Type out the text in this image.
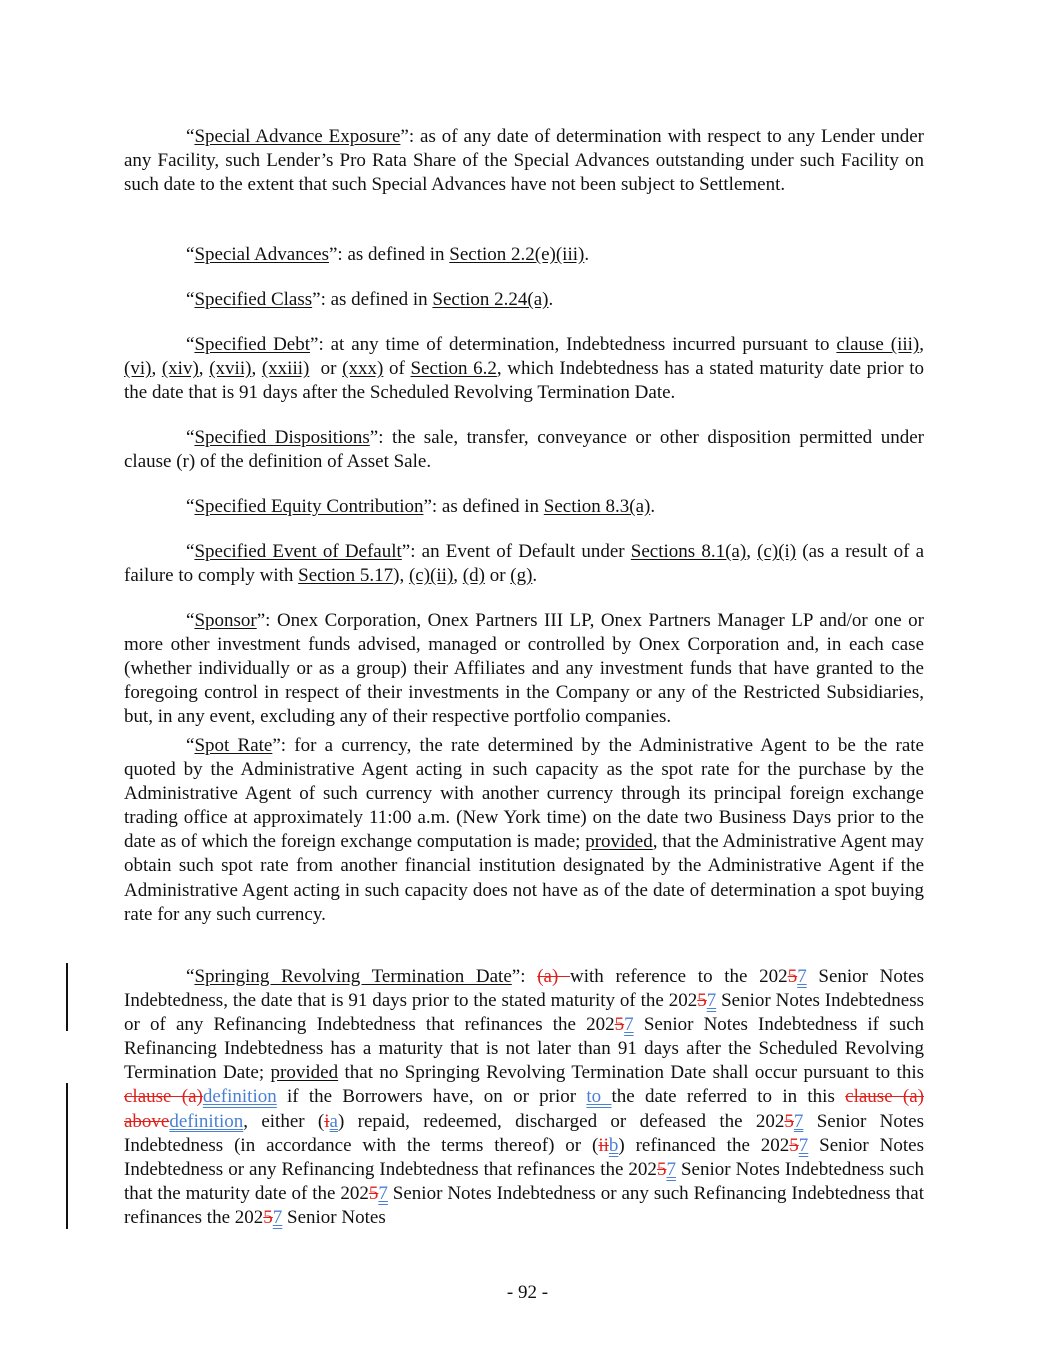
“Special Advance Exposure”: as of any date of determination with respect to any Lender under any Facility, such Lender’s Pro Rata Share of the Special Advances outstanding under such Facility on such date to the extent that such Special Advances have not been subject to Settlement.

“Special Advances”: as defined in Section 2.2(e)(iii).

“Specified Class”: as defined in Section 2.24(a).

“Specified Debt”: at any time of determination, Indebtedness incurred pursuant to clause (iii), (vi), (xiv), (xvii), (xxiii)  or (xxx) of Section 6.2, which Indebtedness has a stated maturity date prior to the date that is 91 days after the Scheduled Revolving Termination Date.

“Specified Dispositions”: the sale, transfer, conveyance or other disposition permitted under clause (r) of the definition of Asset Sale.

“Specified Equity Contribution”: as defined in Section 8.3(a).

“Specified Event of Default”: an Event of Default under Sections 8.1(a), (c)(i) (as a result of a failure to comply with Section 5.17), (c)(ii), (d) or (g).

“Sponsor”: Onex Corporation, Onex Partners III LP, Onex Partners Manager LP and/or one or more other investment funds advised, managed or controlled by Onex Corporation and, in each case (whether individually or as a group) their Affiliates and any investment funds that have granted to the foregoing control in respect of their investments in the Company or any of the Restricted Subsidiaries, but, in any event, excluding any of their respective portfolio companies.

“Spot Rate”: for a currency, the rate determined by the Administrative Agent to be the rate quoted by the Administrative Agent acting in such capacity as the spot rate for the purchase by the Administrative Agent of such currency with another currency through its principal foreign exchange trading office at approximately 11:00 a.m. (New York time) on the date two Business Days prior to the date as of which the foreign exchange computation is made; provided, that the Administrative Agent may obtain such spot rate from another financial institution designated by the Administrative Agent if the Administrative Agent acting in such capacity does not have as of the date of determination a spot buying rate for any such currency.

“Springing Revolving Termination Date”: (a) with reference to the 20257 Senior Notes Indebtedness, the date that is 91 days prior to the stated maturity of the 20257 Senior Notes Indebtedness or of any Refinancing Indebtedness that refinances the 20257 Senior Notes Indebtedness if such Refinancing Indebtedness has a maturity that is not later than 91 days after the Scheduled Revolving Termination Date; provided that no Springing Revolving Termination Date shall occur pursuant to this clause (a)definition if the Borrowers have, on or prior to the date referred to in this clause (a) abovedefinition, either (ia) repaid, redeemed, discharged or defeased the 20257 Senior Notes Indebtedness (in accordance with the terms thereof) or (iib) refinanced the 20257 Senior Notes Indebtedness or any Refinancing Indebtedness that refinances the 20257 Senior Notes Indebtedness such that the maturity date of the 20257 Senior Notes Indebtedness or any such Refinancing Indebtedness that refinances the 20257 Senior Notes

- 92 -
